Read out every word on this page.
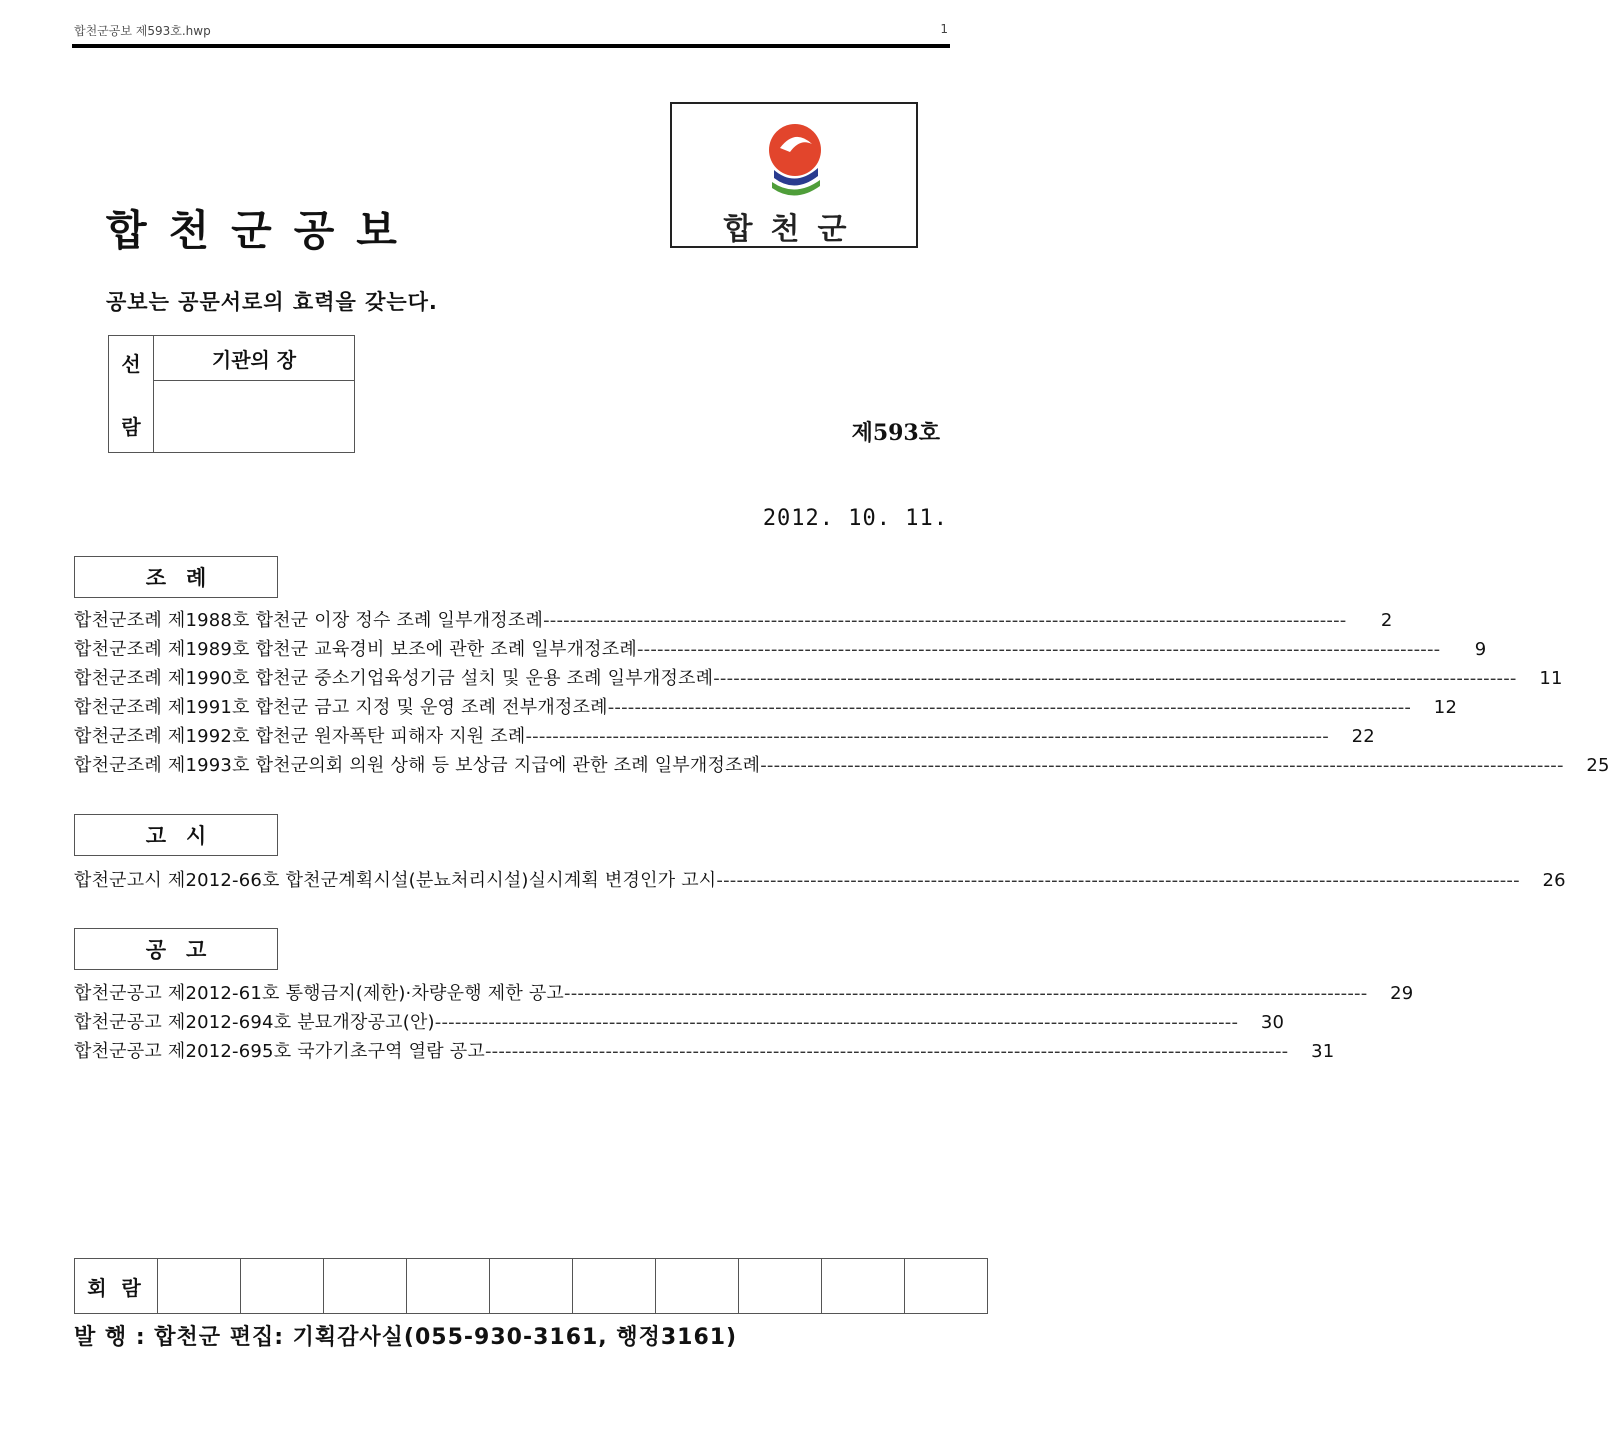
합천군공보 제593호.hwp	1
합천군
합천군공보
공보는 공문서로의 효력을 갖는다.
선
람
	기관의 장

제593호
2012. 10. 11.
조례
합천군조례 제1988호 합천군 이장 정수 조례 일부개정조례 ------------------------------------------------------------------------------------------------------------------------	2
합천군조례 제1989호 합천군 교육경비 보조에 관한 조례 일부개정조례 ------------------------------------------------------------------------------------------------------------------------	9
합천군조례 제1990호 합천군 중소기업육성기금 설치 및 운용 조례 일부개정조례 ------------------------------------------------------------------------------------------------------------------------	11
합천군조례 제1991호 합천군 금고 지정 및 운영 조례 전부개정조례 ------------------------------------------------------------------------------------------------------------------------	12
합천군조례 제1992호 합천군 원자폭탄 피해자 지원 조례 ------------------------------------------------------------------------------------------------------------------------	22
합천군조례 제1993호 합천군의회 의원 상해 등 보상금 지급에 관한 조례 일부개정조례 ------------------------------------------------------------------------------------------------------------------------	25
고시
합천군고시 제2012-66호 합천군계획시설(분뇨처리시설)실시계획 변경인가 고시 ------------------------------------------------------------------------------------------------------------------------	26
공고
합천군공고 제2012-61호 통행금지(제한)·차량운행 제한 공고 ------------------------------------------------------------------------------------------------------------------------	29
합천군공고 제2012-694호 분묘개장공고(안) ------------------------------------------------------------------------------------------------------------------------	30
합천군공고 제2012-695호 국가기초구역 열람 공고 ------------------------------------------------------------------------------------------------------------------------	31
회 람										
발 행 : 합천군 편집: 기획감사실(055-930-3161, 행정3161)
